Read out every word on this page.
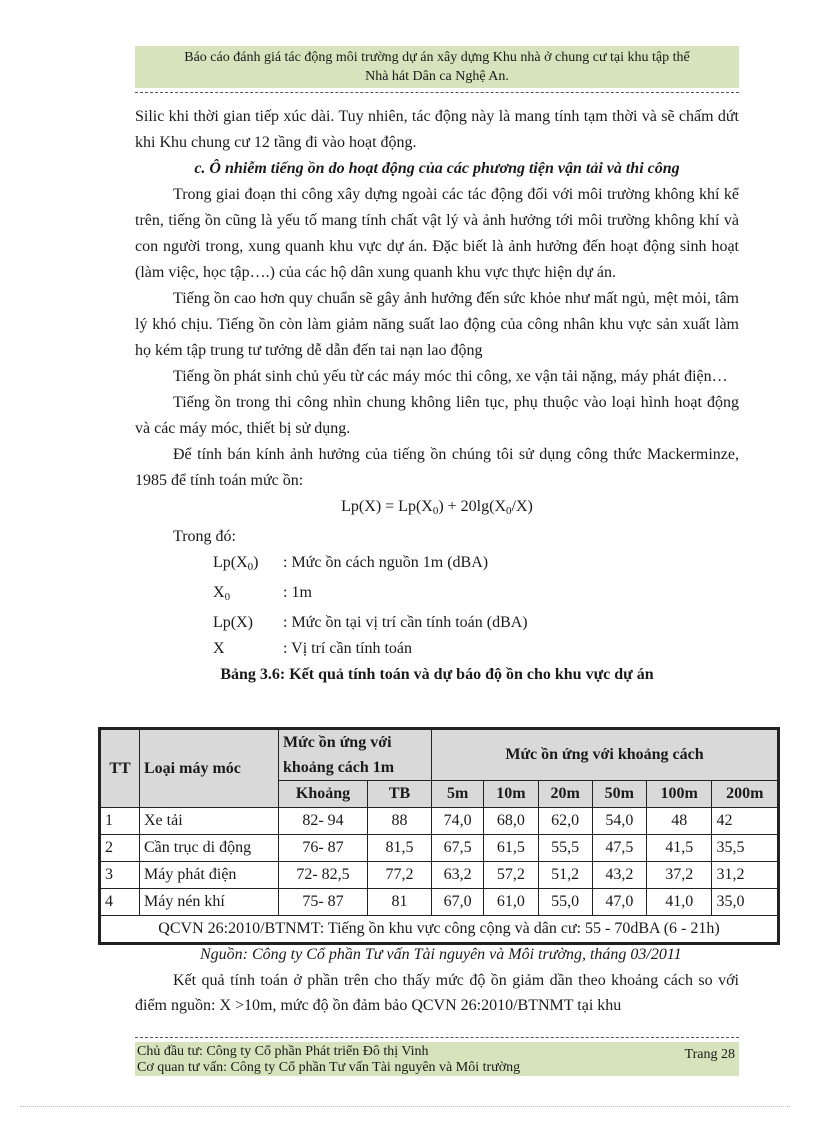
Báo cáo đánh giá tác động môi trường dự án xây dựng Khu nhà ở chung cư tại khu tập thể
Nhà hát Dân ca Nghệ An.

Silic khi thời gian tiếp xúc dài. Tuy nhiên, tác động này là mang tính tạm thời và sẽ chấm dứt khi Khu chung cư 12 tầng đi vào hoạt động.

c. Ô nhiễm tiếng ồn do hoạt động của các phương tiện vận tải và thi công

Trong giai đoạn thi công xây dựng ngoài các tác động đối với môi trường không khí kể trên, tiếng ồn cũng là yếu tố mang tính chất vật lý và ảnh hưởng tới môi trường không khí và con người trong, xung quanh khu vực dự án. Đặc biết là ảnh hưởng đến hoạt động sinh hoạt (làm việc, học tập….) của các hộ dân xung quanh khu vực thực hiện dự án.

Tiếng ồn cao hơn quy chuẩn sẽ gây ảnh hưởng đến sức khỏe như mất ngủ, mệt mỏi, tâm lý khó chịu. Tiếng ồn còn làm giảm năng suất lao động của công nhân khu vực sản xuất làm họ kém tập trung tư tưởng dễ dẫn đến tai nạn lao động

Tiếng ồn phát sinh chủ yếu từ các máy móc thi công, xe vận tải nặng, máy phát điện…

Tiếng ồn trong thi công nhìn chung không liên tục, phụ thuộc vào loại hình hoạt động và các máy móc, thiết bị sử dụng.

Để tính bán kính ảnh hưởng của tiếng ồn chúng tôi sử dụng công thức Mackerminze, 1985 để tính toán mức ồn:

$Lp(X) = Lp(X_0) + 20\lg(X_0/X)$

Trong đó:

$Lp(X_0)$	: Mức ồn cách nguồn 1m (dBA)
$X_0$	: 1m
Lp(X)	: Mức ồn tại vị trí cần tính toán (dBA)
X	: Vị trí cần tính toán

Bảng 3.6: Kết quả tính toán và dự báo độ ồn cho khu vực dự án

TT	Loại máy móc	Mức ồn ứng với khoảng cách 1m		Mức ồn ứng với khoảng cách					
		Khoảng	TB	5m	10m	20m	50m	100m	200m
1	Xe tải	82- 94	88	74,0	68,0	62,0	54,0	48	42
2	Cần trục di động	76- 87	81,5	67,5	61,5	55,5	47,5	41,5	35,5
3	Máy phát điện	72- 82,5	77,2	63,2	57,2	51,2	43,2	37,2	31,2
4	Máy nén khí	75- 87	81	67,0	61,0	55,0	47,0	41,0	35,0
QCVN 26:2010/BTNMT: Tiếng ồn khu vực công cộng và dân cư: 55 - 70dBA (6 - 21h)									
Nguồn: Công ty Cổ phần Tư vấn Tài nguyên và Môi trường, tháng 03/2011

Kết quả tính toán ở phần trên cho thấy mức độ ồn giảm dần theo khoảng cách so với điểm nguồn: X >10m, mức độ ồn đảm bảo QCVN 26:2010/BTNMT tại khu

Chủ đầu tư: Công ty Cổ phần Phát triển Đô thị Vinh
Cơ quan tư vấn: Công ty Cổ phần Tư vấn Tài nguyên và Môi trường
Trang 28
